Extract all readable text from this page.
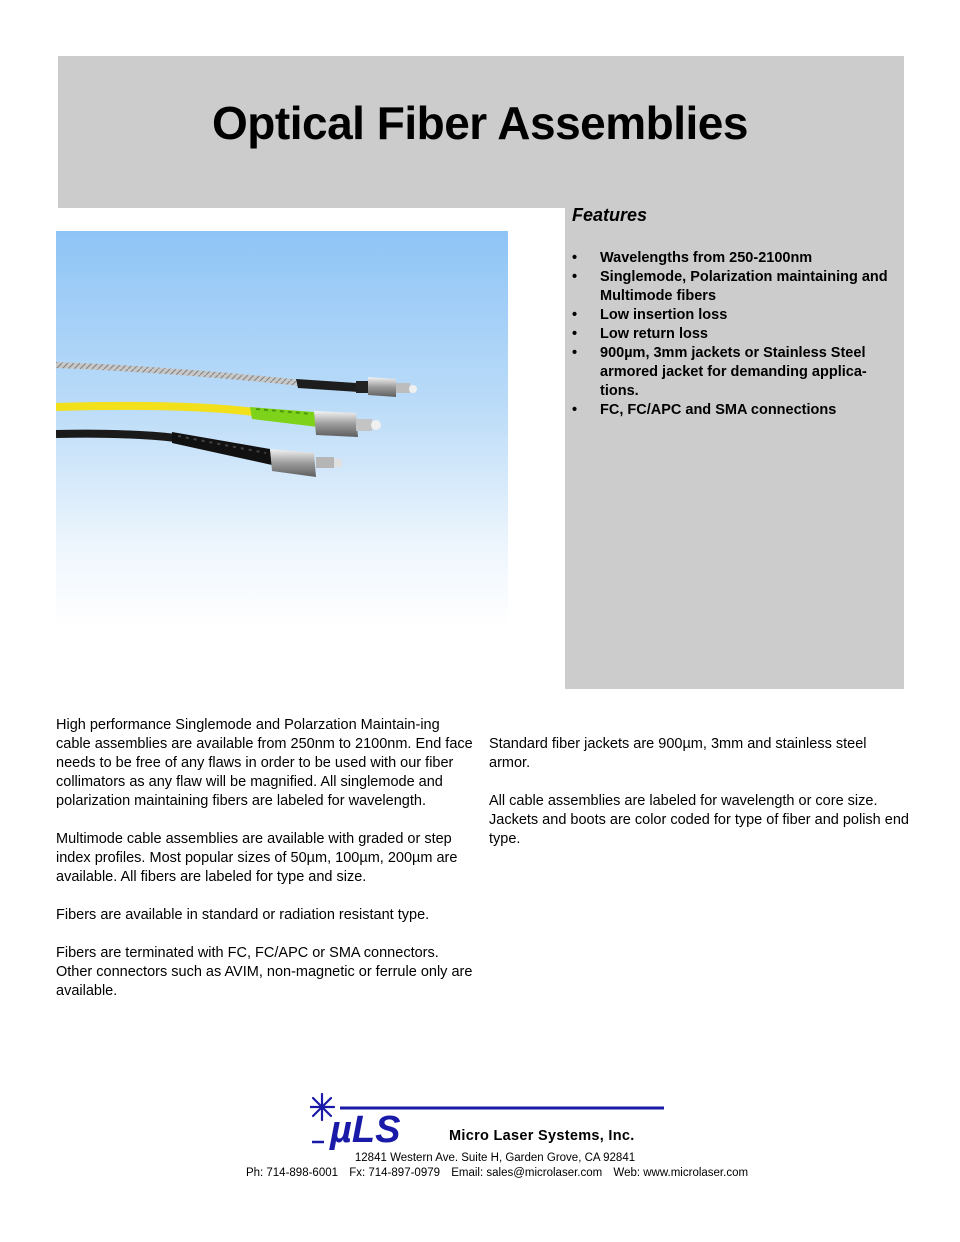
Optical Fiber Assemblies
Features
• Wavelengths from 250-2100nm
• Singlemode, Polarization maintaining and Multimode fibers
• Low insertion loss
• Low return loss
• 900µm, 3mm jackets or Stainless Steel armored jacket for demanding applica-tions.
• FC, FC/APC and SMA connections

High performance Singlemode and Polarzation Maintain-ing cable assemblies are available from 250nm to 2100nm. End face needs to be free of any flaws in order to be used with our fiber collimators as any flaw will be magnified. All singlemode and polarization maintaining fibers are labeled for wavelength.

Multimode cable assemblies are available with graded or step index profiles. Most popular sizes of 50µm, 100µm, 200µm are available. All fibers are labeled for type and size.

Fibers are available in standard or radiation resistant type.

Fibers are terminated with FC, FC/APC or SMA connectors. Other connectors such as AVIM, non-magnetic or ferrule only are available.

Standard fiber jackets are 900µm, 3mm and stainless steel armor.

All cable assemblies are labeled for wavelength or core size. Jackets and boots are color coded for type of fiber and polish end type.

µLS	Micro Laser Systems, Inc.
12841 Western Ave. Suite H, Garden Grove, CA 92841
Ph: 714-898-6001 Fx: 714-897-0979 Email: sales@microlaser.com Web: www.microlaser.com
